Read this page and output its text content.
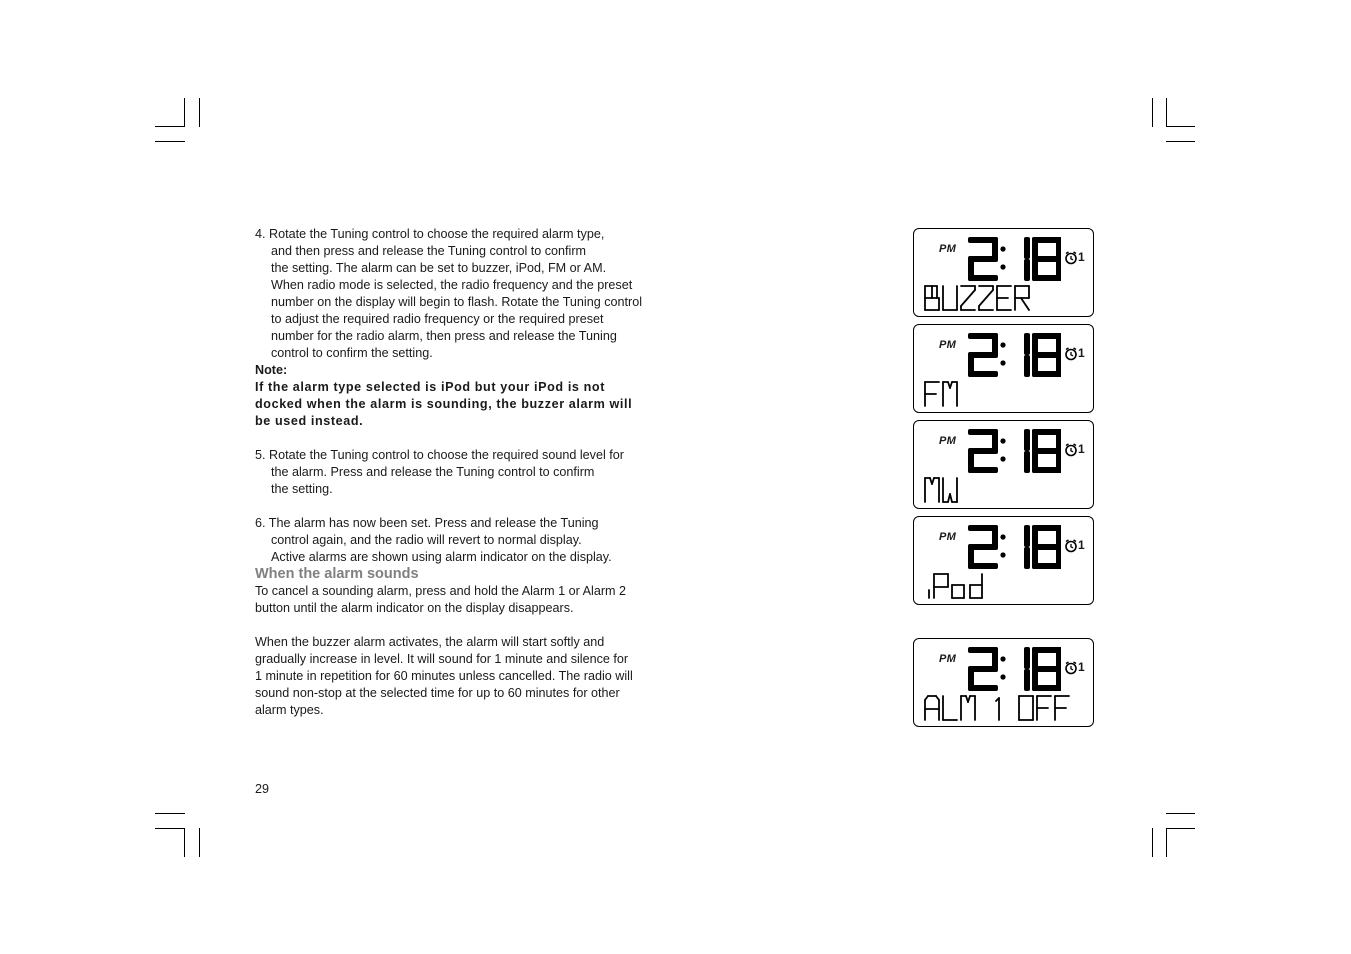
4. Rotate the Tuning control to choose the required alarm type,
and then press and release the Tuning control to confirm
the setting. The alarm can be set to buzzer, iPod, FM or AM.
When radio mode is selected, the radio frequency and the preset
number on the display will begin to flash. Rotate the Tuning control
to adjust the required radio frequency or the required preset
number for the radio alarm, then press and release the Tuning
control to confirm the setting.

Note:

If the alarm type selected is iPod but your iPod is not
docked when the alarm is sounding, the buzzer alarm will
be used instead.

5. Rotate the Tuning control to choose the required sound level for
the alarm. Press and release the Tuning control to confirm
the setting.

6. The alarm has now been set. Press and release the Tuning
control again, and the radio will revert to normal display.
Active alarms are shown using alarm indicator on the display.

When the alarm sounds

To cancel a sounding alarm, press and hold the Alarm 1 or Alarm 2
button until the alarm indicator on the display disappears.

When the buzzer alarm activates, the alarm will start softly and
gradually increase in level. It will sound for 1 minute and silence for
1 minute in repetition for 60 minutes unless cancelled. The radio will
sound non-stop at the selected time for up to 60 minutes for other
alarm types.

29
PM
1
PM
1
PM
1
PM
1
PM
1
